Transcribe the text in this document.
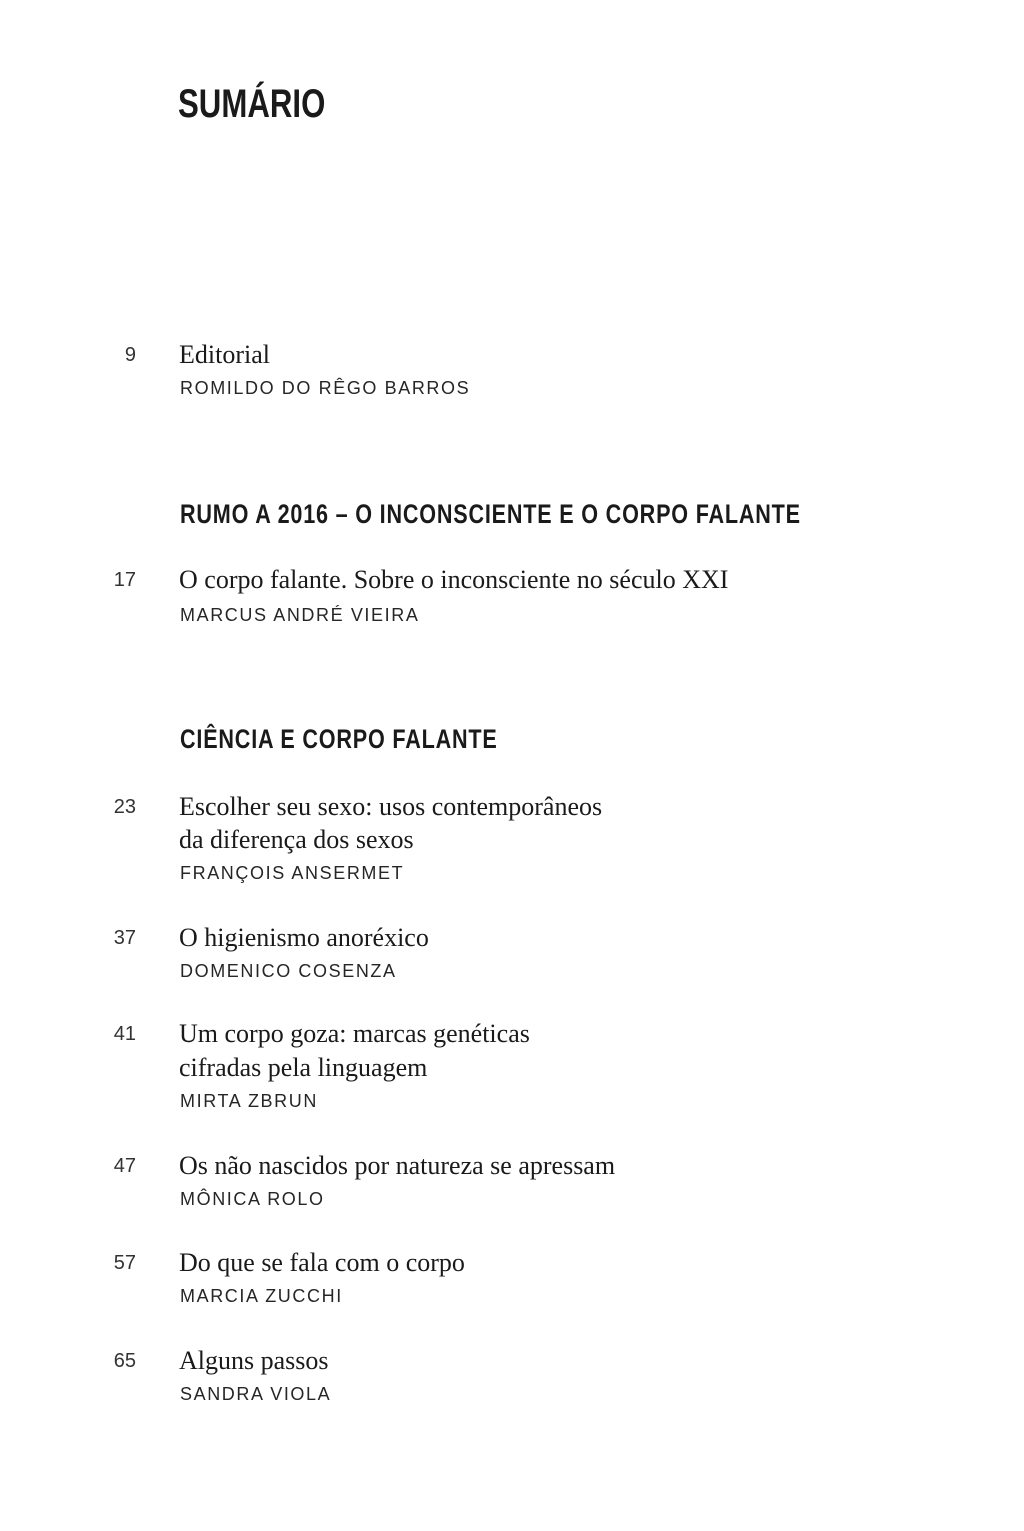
SUMÁRIO
9 Editorial
ROMILDO DO RÊGO BARROS
RUMO A 2016 – O INCONSCIENTE E O CORPO FALANTE
17 O corpo falante. Sobre o inconsciente no século XXI
MARCUS ANDRÉ VIEIRA
CIÊNCIA E CORPO FALANTE
23 Escolher seu sexo: usos contemporâneos
da diferença dos sexos
FRANÇOIS ANSERMET
37 O higienismo anoréxico
DOMENICO COSENZA
41 Um corpo goza: marcas genéticas
cifradas pela linguagem
MIRTA ZBRUN
47 Os não nascidos por natureza se apressam
MÔNICA ROLO
57 Do que se fala com o corpo
MARCIA ZUCCHI
65 Alguns passos
SANDRA VIOLA
